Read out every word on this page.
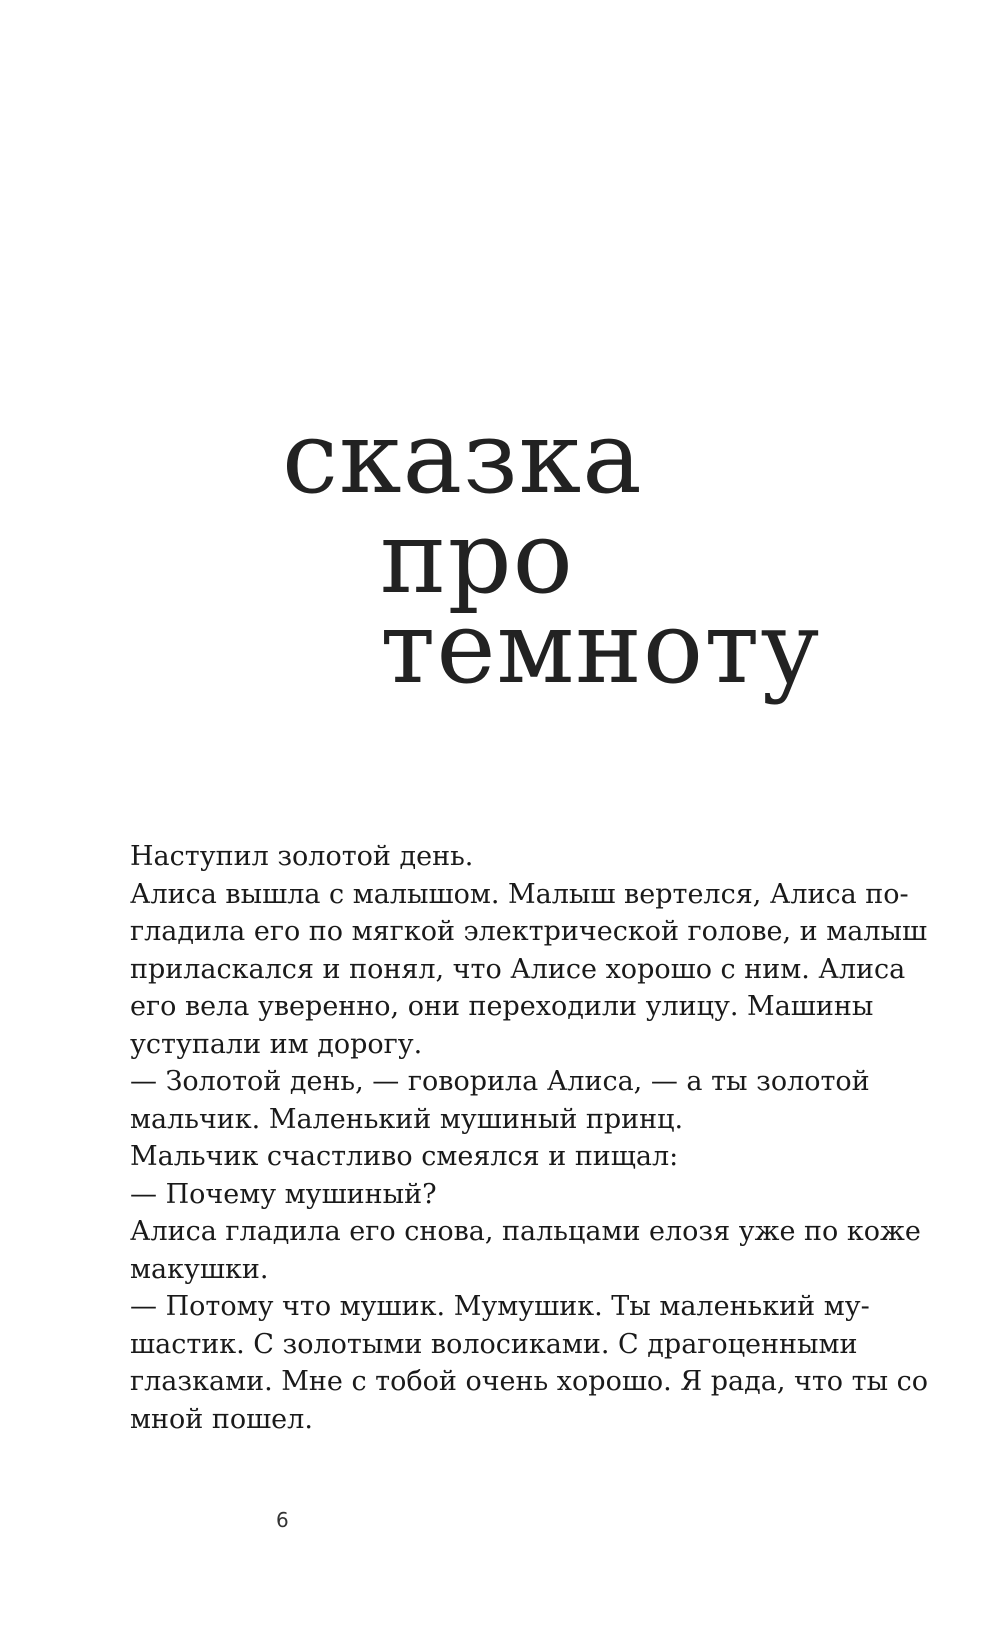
сказка
про
темноту
Наступил золотой день.
Алиса вышла с малышом. Малыш вертелся, Алиса по-
гладила его по мягкой электрической голове, и малыш
приласкался и понял, что Алисе хорошо с ним. Алиса
его вела уверенно, они переходили улицу. Машины
уступали им дорогу.
— Золотой день, — говорила Алиса, — а ты золотой
мальчик. Маленький мушиный принц.
Мальчик счастливо смеялся и пищал:
— Почему мушиный?
Алиса гладила его снова, пальцами елозя уже по коже
макушки.
— Потому что мушик. Мумушик. Ты маленький му-
шастик. С золотыми волосиками. С драгоценными
глазками. Мне с тобой очень хорошо. Я рада, что ты со
мной пошел.
6
